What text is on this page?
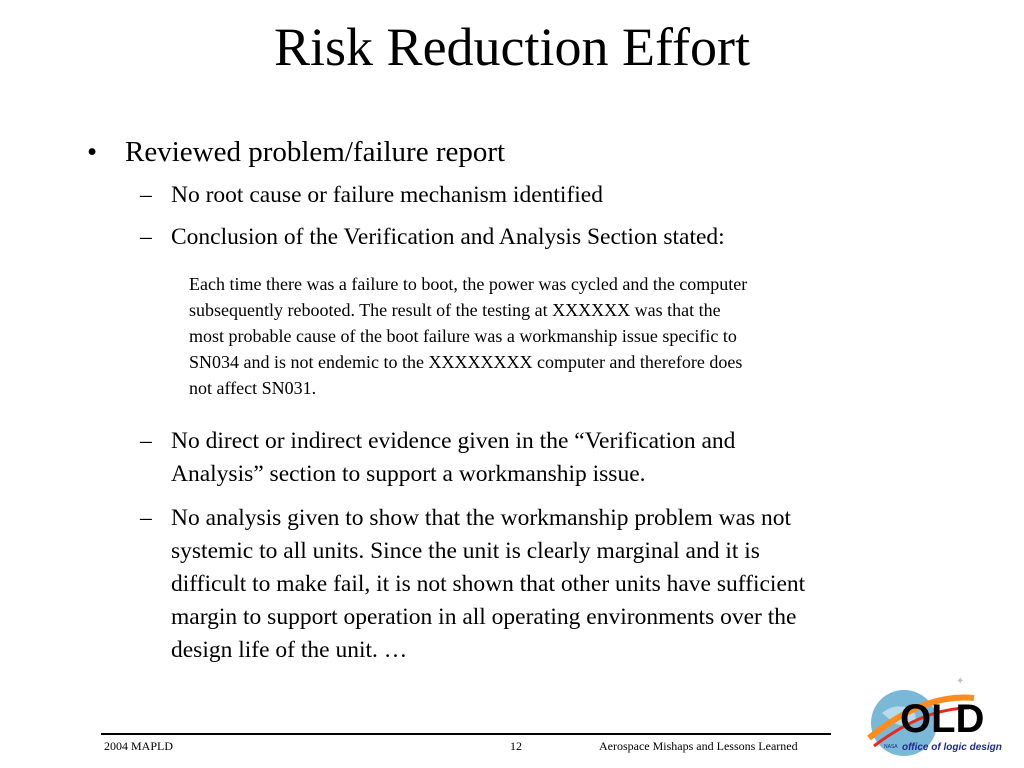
Risk Reduction Effort
• Reviewed problem/failure report
– No root cause or failure mechanism identified
– Conclusion of the Verification and Analysis Section stated:
Each time there was a failure to boot, the power was cycled and the computer
subsequently rebooted. The result of the testing at XXXXXX was that the
most probable cause of the boot failure was a workmanship issue specific to
SN034 and is not endemic to the XXXXXXXX computer and therefore does
not affect SN031.
– No direct or indirect evidence given in the “Verification and
Analysis” section to support a workmanship issue.
– No analysis given to show that the workmanship problem was not
systemic to all units. Since the unit is clearly marginal and it is
difficult to make fail, it is not shown that other units have sufficient
margin to support operation in all operating environments over the
design life of the unit. …
2004 MAPLD	12	Aerospace Mishaps and Lessons Learned
✦
OLD
NASA office of logic design
